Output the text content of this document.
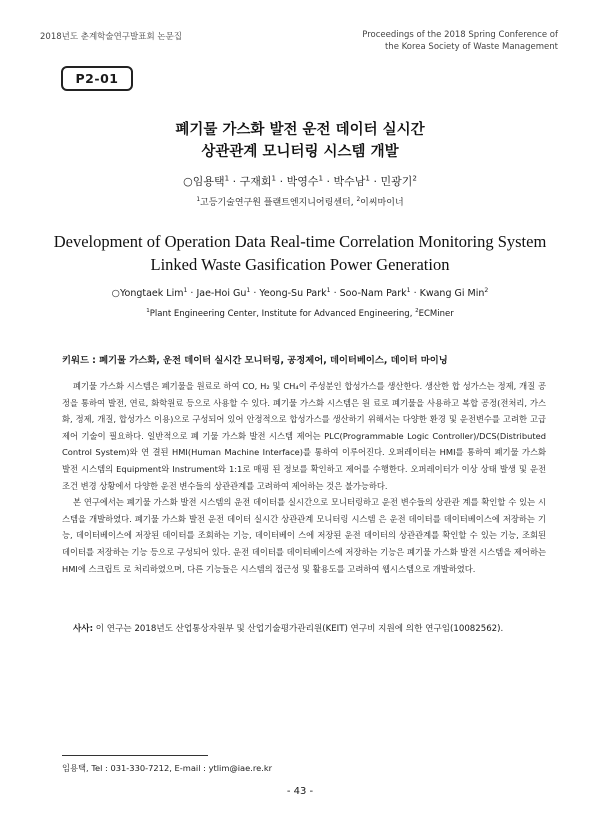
2018년도 춘계학술연구발표회 논문집	Proceedings of the 2018 Spring Conference of
the Korea Society of Waste Management
P2-01
폐기물 가스화 발전 운전 데이터 실시간
상관관계 모니터링 시스템 개발
○임용택$^1$ · 구재회$^1$ · 박영수$^1$ · 박수남$^1$ · 민광기$^2$
$^1$고등기술연구원 플랜트엔지니어링센터, $^2$이씨마이너
Development of Operation Data Real-time Correlation Monitoring System
Linked Waste Gasification Power Generation
○Yongtaek Lim$^1$ · Jae-Hoi $Gu^1$ · Yeong-Su Park$^1$ · Soo-Nam Park$^1$ · Kwang Gi Min$^2$
$^1$Plant Engineering Center, Institute for Advanced Engineering, $^2$ECMiner
키워드 : 폐기물 가스화, 운전 데이터 실시간 모니터링, 공정제어, 데이터베이스, 데이터 마이닝

폐기물 가스화 시스템은 폐기물을 원료로 하여 CO, H₂ 및 CH₄이 주성분인 합성가스를 생산한다. 생산한 합 성가스는 정제, 개질 공정을 통하여 발전, 연료, 화학원료 등으로 사용할 수 있다. 폐기물 가스화 시스템은 원 료로 폐기물을 사용하고 복합 공정(전처리, 가스화, 정제, 개질, 합성가스 이용)으로 구성되어 있어 안정적으로 합성가스를 생산하기 위해서는 다양한 환경 및 운전변수를 고려한 고급 제어 기술이 필요하다. 일반적으로 폐 기물 가스화 발전 시스템 제어는 PLC(Programmable Logic Controller)/DCS(Distributed Control System)와 연 결된 HMI(Human Machine Interface)를 통하여 이루어진다. 오퍼레이터는 HMI를 통하여 폐기물 가스화 발전 시스템의 Equipment와 Instrument와 1:1로 매핑 된 정보를 확인하고 제어를 수행한다. 오퍼레이터가 이상 상태 발생 및 운전 조건 변경 상황에서 다양한 운전 변수들의 상관관계를 고려하여 제어하는 것은 불가능하다.

본 연구에서는 폐기물 가스화 발전 시스템의 운전 데이터를 실시간으로 모니터링하고 운전 변수들의 상관관 계를 확인할 수 있는 시스템을 개발하였다. 폐기물 가스화 발전 운전 데이터 실시간 상관관계 모니터링 시스템 은 운전 데이터를 데이터베이스에 저장하는 기능, 데이터베이스에 저장된 데이터를 조회하는 기능, 데이터베이 스에 저장된 운전 데이터의 상관관계를 확인할 수 있는 기능, 조회된 데이터를 저장하는 기능 등으로 구성되어 있다. 운전 데이터를 데이터베이스에 저장하는 기능은 폐기물 가스화 발전 시스템을 제어하는 HMI에 스크립트 로 처리하였으며, 다른 기능들은 시스템의 접근성 및 활용도를 고려하여 웹시스템으로 개발하였다.

사사: 이 연구는 2018년도 산업통상자원부 및 산업기술평가관리원(KEIT) 연구비 지원에 의한 연구임(10082562).
임용택, Tel : 031-330-7212, E-mail : ytlim@iae.re.kr
- 43 -
